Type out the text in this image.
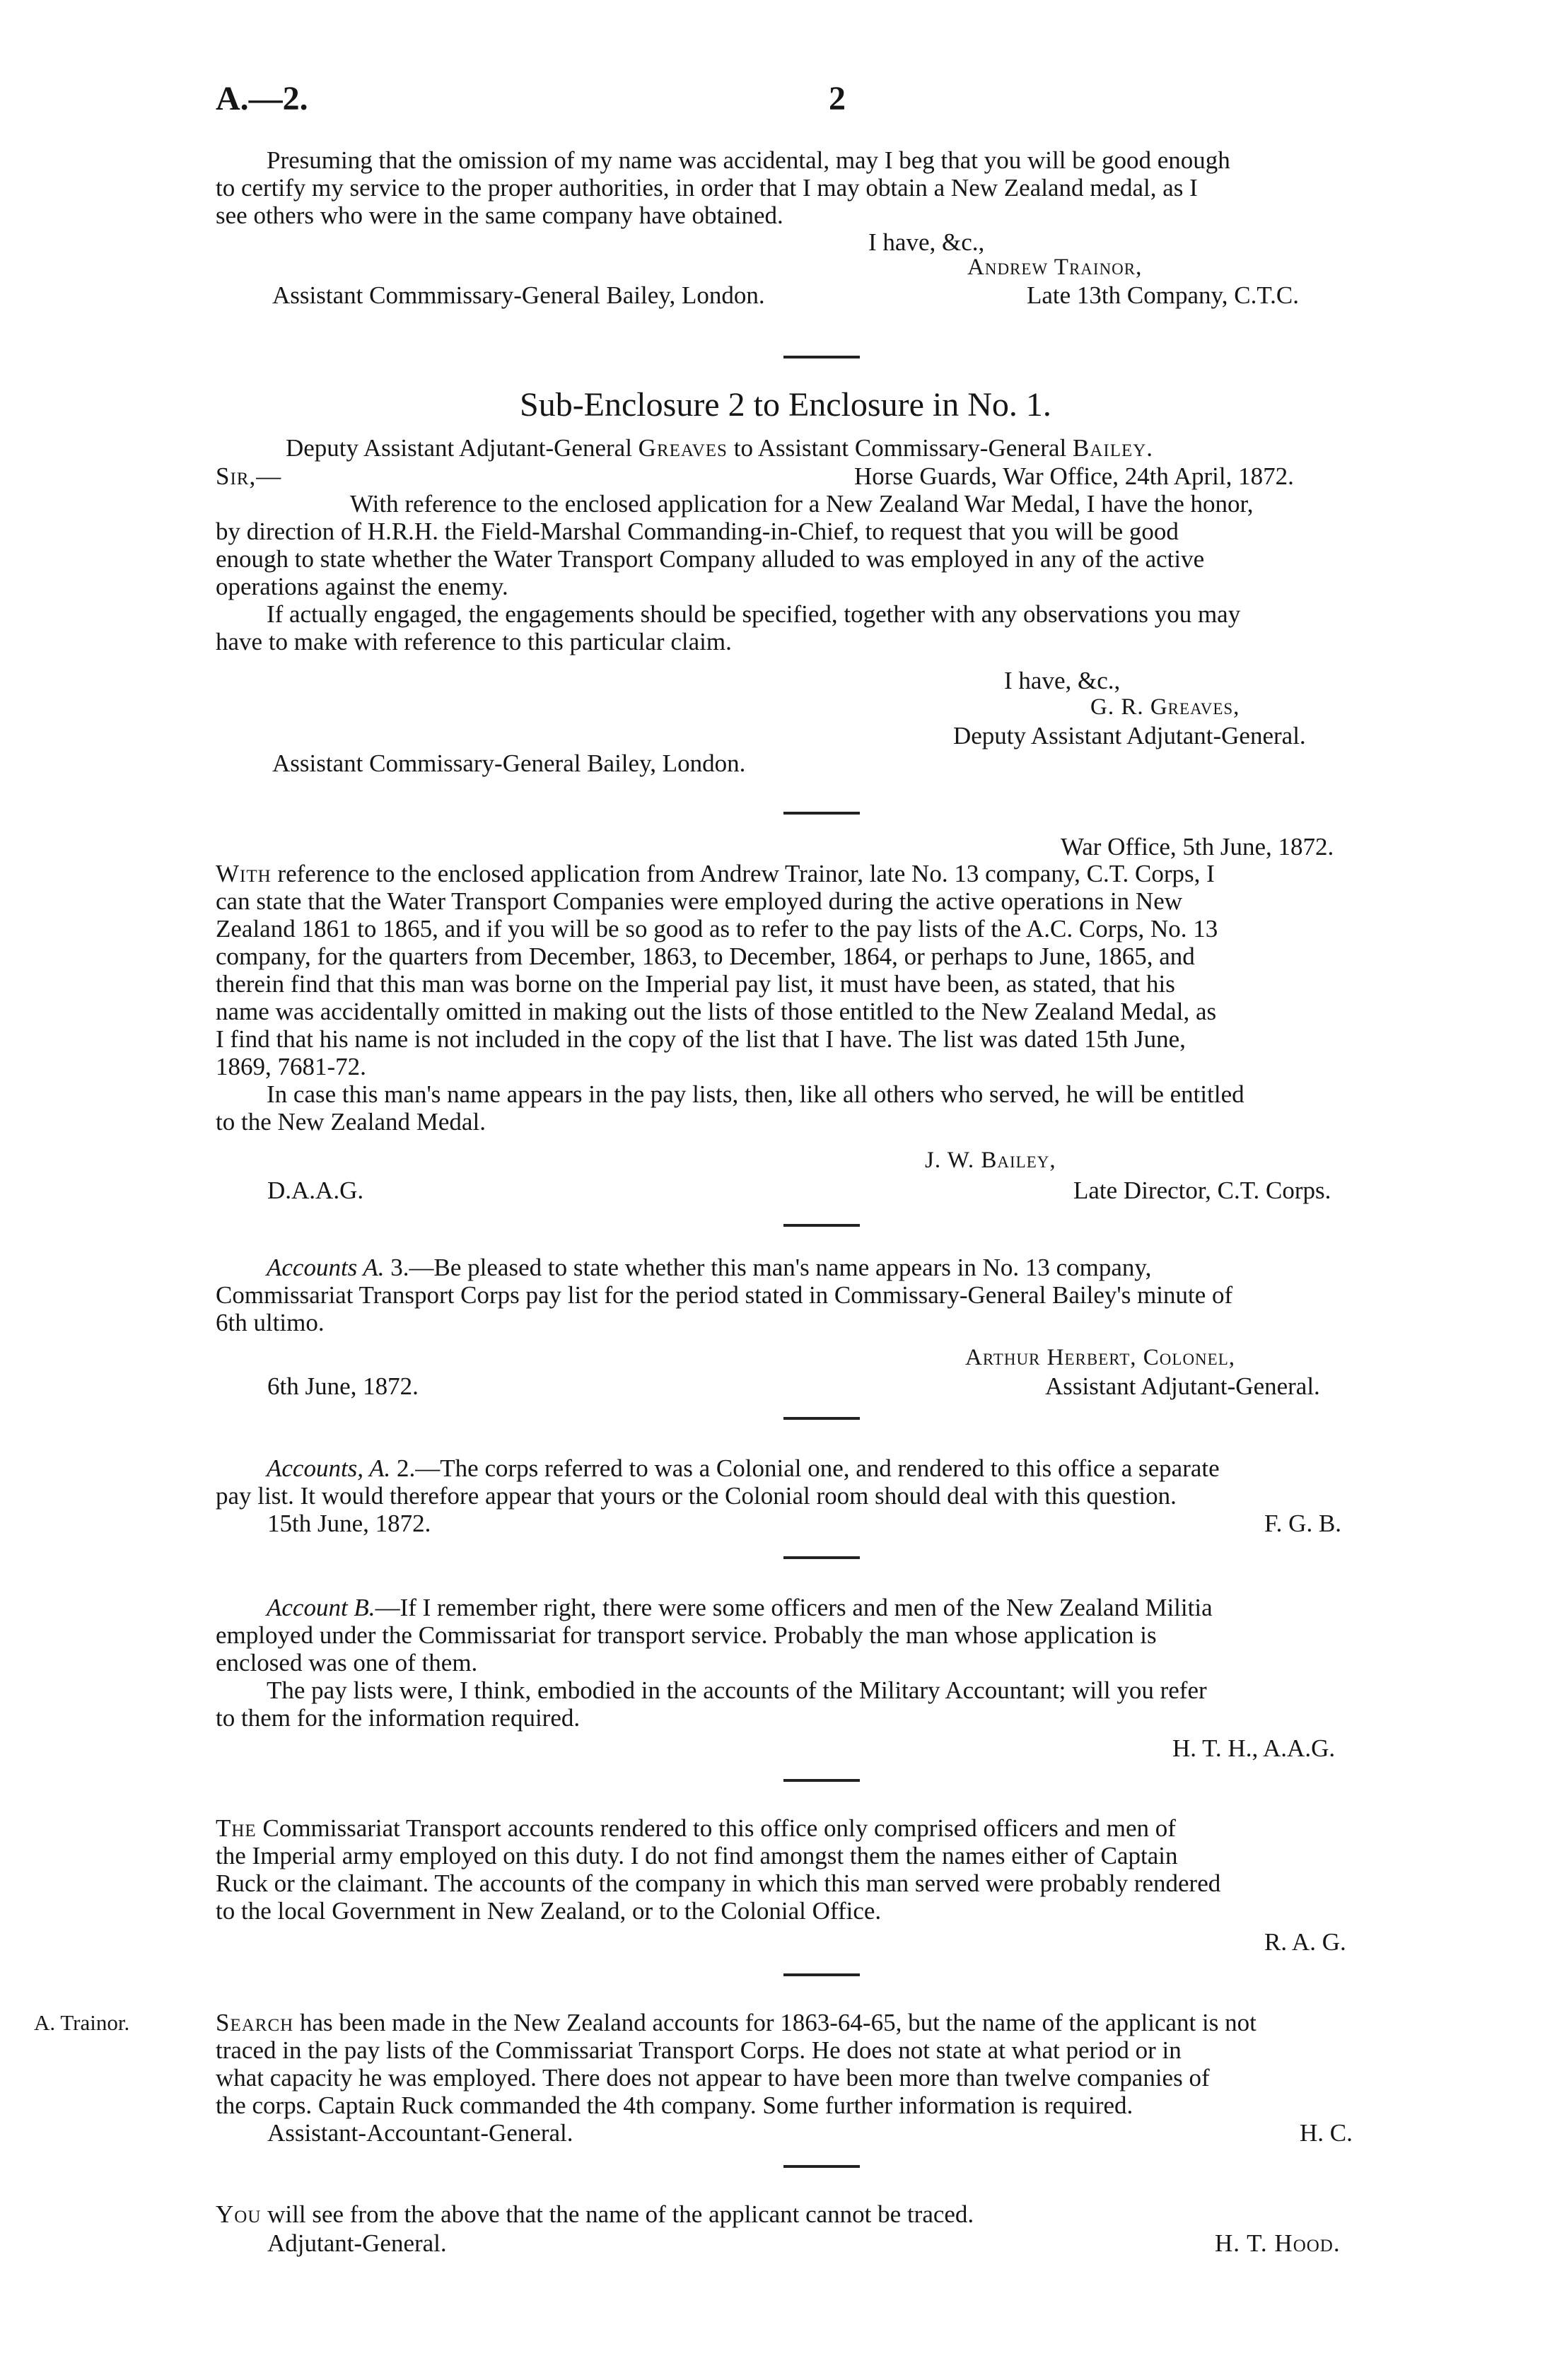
A.—2.	2
Presuming that the omission of my name was accidental, may I beg that you will be good enough
to certify my service to the proper authorities, in order that I may obtain a New Zealand medal, as I
see others who were in the same company have obtained.
I have, &c.,
Andrew Trainor,
Assistant Commmissary-General Bailey, London.	Late 13th Company, C.T.C.
Sub-Enclosure 2 to Enclosure in No. 1.
Deputy Assistant Adjutant-General Greaves to Assistant Commissary-General Bailey.
Sir,—	Horse Guards, War Office, 24th April, 1872.
With reference to the enclosed application for a New Zealand War Medal, I have the honor,
by direction of H.R.H. the Field-Marshal Commanding-in-Chief, to request that you will be good
enough to state whether the Water Transport Company alluded to was employed in any of the active
operations against the enemy.
If actually engaged, the engagements should be specified, together with any observations you may
have to make with reference to this particular claim.
I have, &c.,
G. R. Greaves,
Deputy Assistant Adjutant-General.
Assistant Commissary-General Bailey, London.
War Office, 5th June, 1872.
With reference to the enclosed application from Andrew Trainor, late No. 13 company, C.T. Corps, I
can state that the Water Transport Companies were employed during the active operations in New
Zealand 1861 to 1865, and if you will be so good as to refer to the pay lists of the A.C. Corps, No. 13
company, for the quarters from December, 1863, to December, 1864, or perhaps to June, 1865, and
therein find that this man was borne on the Imperial pay list, it must have been, as stated, that his
name was accidentally omitted in making out the lists of those entitled to the New Zealand Medal, as
I find that his name is not included in the copy of the list that I have. The list was dated 15th June,
1869, 7681-72.
In case this man's name appears in the pay lists, then, like all others who served, he will be entitled
to the New Zealand Medal.
J. W. Bailey,
D.A.A.G.	Late Director, C.T. Corps.
Accounts A. 3.—Be pleased to state whether this man's name appears in No. 13 company,
Commissariat Transport Corps pay list for the period stated in Commissary-General Bailey's minute of
6th ultimo.
Arthur Herbert, Colonel,
6th June, 1872.	Assistant Adjutant-General.
Accounts, A. 2.—The corps referred to was a Colonial one, and rendered to this office a separate
pay list. It would therefore appear that yours or the Colonial room should deal with this question.
15th June, 1872.	F. G. B.
Account B.—If I remember right, there were some officers and men of the New Zealand Militia
employed under the Commissariat for transport service. Probably the man whose application is
enclosed was one of them.
The pay lists were, I think, embodied in the accounts of the Military Accountant; will you refer
to them for the information required.
H. T. H., A.A.G.
The Commissariat Transport accounts rendered to this office only comprised officers and men of
the Imperial army employed on this duty. I do not find amongst them the names either of Captain
Ruck or the claimant. The accounts of the company in which this man served were probably rendered
to the local Government in New Zealand, or to the Colonial Office.
R. A. G.
A. Trainor.	Search has been made in the New Zealand accounts for 1863-64-65, but the name of the applicant is not
traced in the pay lists of the Commissariat Transport Corps. He does not state at what period or in
what capacity he was employed. There does not appear to have been more than twelve companies of
the corps. Captain Ruck commanded the 4th company. Some further information is required.
Assistant-Accountant-General.	H. C.
You will see from the above that the name of the applicant cannot be traced.
Adjutant-General.	H. T. Hood.
